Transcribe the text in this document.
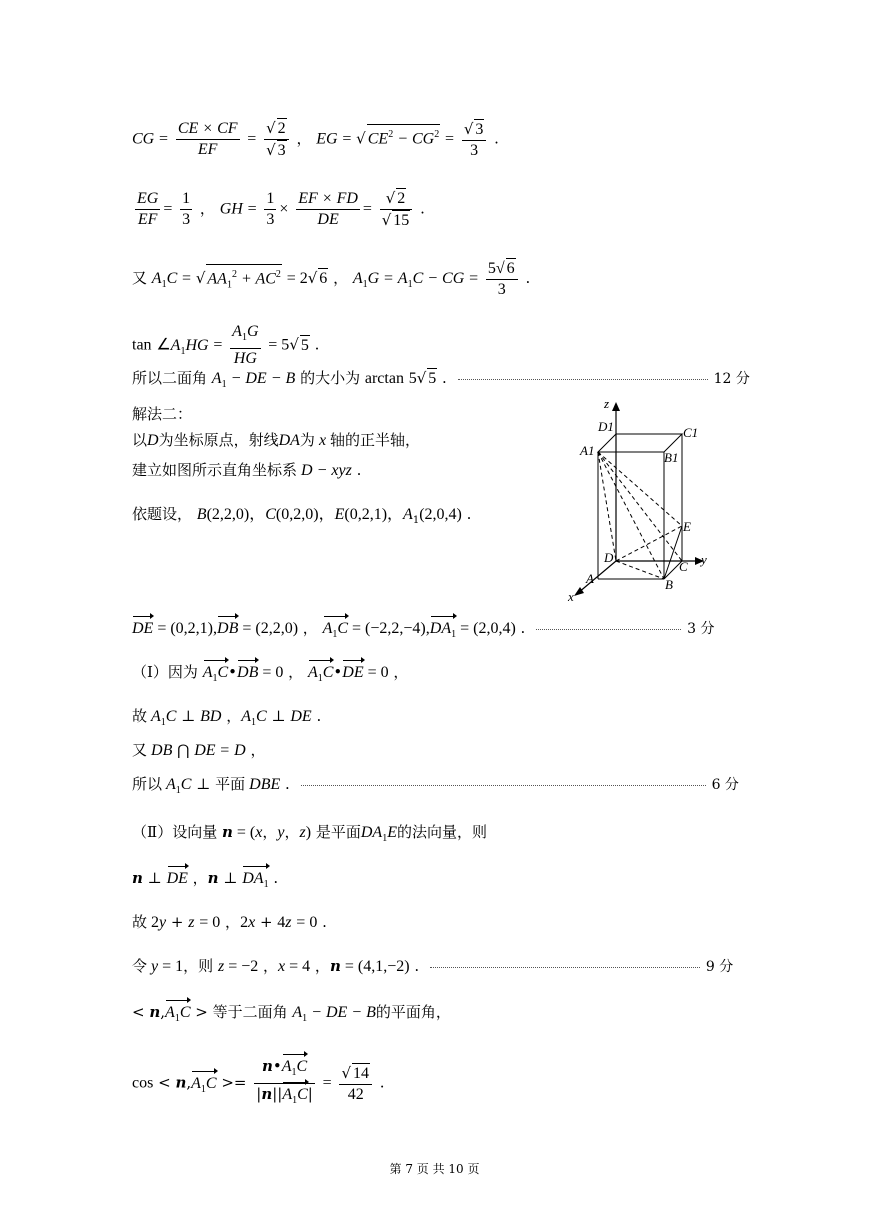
CG = $\frac{CE \times CF}{EF} = \frac{√ 2}{√ 3}$ ， EG = √ $CE^2 - CG^2 = \frac{√ 3}{3}$ .
$\frac{EG}{EF} = \frac{1}{3}$ ， GH = $\frac{1}{3} \times \frac{EF \times FD}{DE} = \frac{√ 2}{√ 15}$ .
又 $A_1C$ = √ $AA_1^2 + AC^2 = 2√$ 6 ， $A_1G = A_1C$ − CG = $\frac{5√ 6}{3}$ .
$\tan \angle A_1HG = \frac{A_1G}{HG} = 5√$ 5 .
所以二面角 $A_1$ − DE − B 的大小为 arctan 5√ 5 .	12 分
解法二：
以D为坐标原点，射线DA为 x 轴的正半轴，
建立如图所示直角坐标系 D − xyz .
依题设， B(2,2,0)，C(0,2,0)，E(0,2,1)，$A_1(2,0,4)$ .
z
D1	C1
A1	B1
E
D	y
C
A	B
x
DE = (0,2,1),DB = (2,2,0) ， $A_1C = (-2,2,-4),DA_1 = (2,0,4)$ .	3 分
（Ⅰ）因为 $A_1C•DB = 0$ ， $A_1C•DE = 0$ ，
故 $A_1C$ ⊥ BD ，$A_1C$ ⊥ DE .
又 DB ⋂ DE = D ，
所以 $A_1C$ ⊥ 平面 DBE .	6 分
（Ⅱ）设向量 n = (x，y，z) 是平面$DA_1E$的法向量，则
n ⊥ DE ，n ⊥ $DA_1$ .
故 2y + z = 0 ，2x + 4z = 0 .
令 y = 1，则 z = −2 ，x = 4 ，n = (4,1,−2) .	9 分
< $n,A_1C$ > 等于二面角 $A_1$ − DE − B的平面角，
$\cos < n,A_1C >= \frac{n•A_1C}{|n||A_1C|} = \frac{√ 14}{42}$ .
第 7 页 共 10 页
